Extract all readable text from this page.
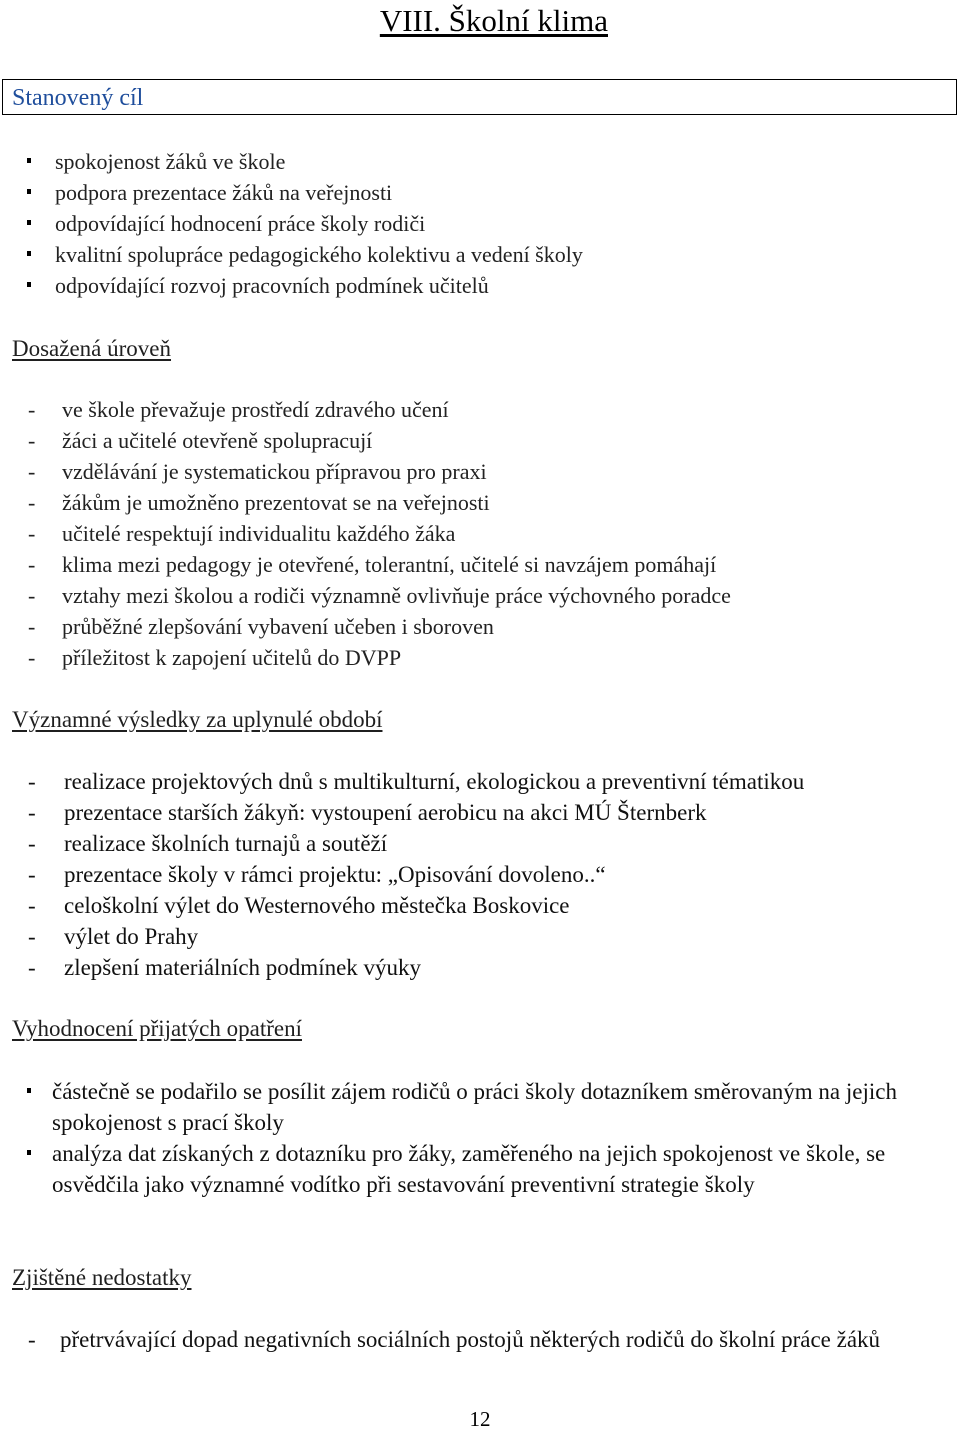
VIII. Školní klima
Stanovený cíl
spokojenost žáků ve škole
podpora prezentace žáků na veřejnosti
odpovídající hodnocení práce školy rodiči
kvalitní spolupráce pedagogického kolektivu a vedení školy
odpovídající rozvoj pracovních podmínek učitelů
Dosažená úroveň
- ve škole převažuje prostředí zdravého učení
- žáci a učitelé otevřeně spolupracují
- vzdělávání je systematickou přípravou pro praxi
- žákům je umožněno prezentovat se na veřejnosti
- učitelé respektují individualitu každého žáka
- klima mezi pedagogy je otevřené, tolerantní, učitelé si navzájem pomáhají
- vztahy mezi školou a rodiči významně ovlivňuje práce výchovného poradce
- průběžné zlepšování vybavení učeben i sboroven
- příležitost k zapojení učitelů do DVPP
Významné výsledky za uplynulé období
- realizace projektových dnů s multikulturní, ekologickou a preventivní tématikou
- prezentace starších žákyň: vystoupení aerobicu na akci MÚ Šternberk
- realizace školních turnajů a soutěží
- prezentace školy v rámci projektu: „Opisování dovoleno..“
- celoškolní výlet do Westernového městečka Boskovice
- výlet do Prahy
- zlepšení materiálních podmínek výuky
Vyhodnocení přijatých opatření
částečně se podařilo se posílit zájem rodičů o práci školy dotazníkem směrovaným na jejich spokojenost s prací školy
analýza dat získaných z dotazníku pro žáky, zaměřeného na jejich spokojenost ve škole, se osvědčila jako významné vodítko při sestavování preventivní strategie školy
Zjištěné nedostatky
- přetrvávající dopad negativních sociálních postojů některých rodičů do školní práce žáků
12
